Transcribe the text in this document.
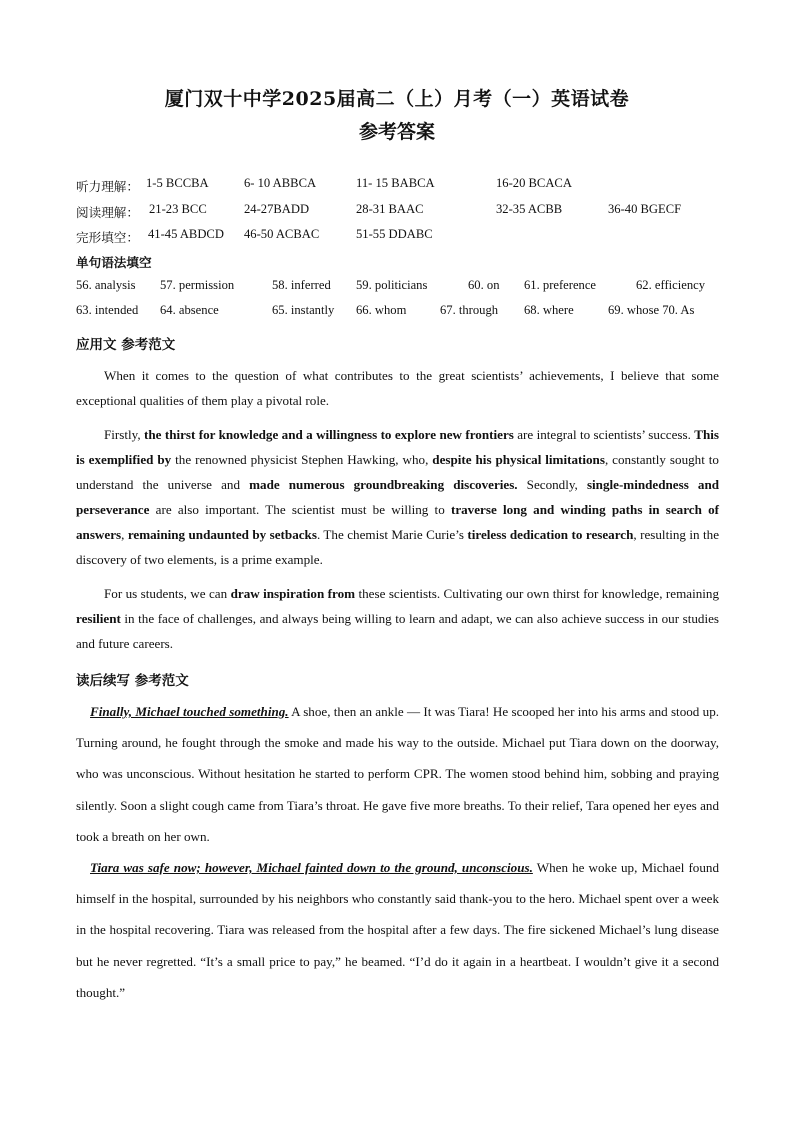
厦门双十中学2025届高二（上）月考（一）英语试卷
参考答案
听力理解： 1-5 BCCBA	6- 10 ABBCA	11- 15 BABCA	16-20 BCACA
阅读理解： 21-23 BCC	24-27BADD	28-31 BAAC	32-35 ACBB	36-40 BGECF
完形填空： 41-45 ABDCD 46-50 ACBAC	51-55 DDABC
单句语法填空
56. analysis 57. permission	58. inferred 59. politicians	60. on 61. preference	62. efficiency
63. intended 64. absence	65. instantly 66. whom	67. through 68. where	69. whose 70. As
应用文 参考范文

When it comes to the question of what contributes to the great scientists’ achievements, I believe that some exceptional qualities of them play a pivotal role.

Firstly, the thirst for knowledge and a willingness to explore new frontiers are integral to scientists’ success. This is exemplified by the renowned physicist Stephen Hawking, who, despite his physical limitations, constantly sought to understand the universe and made numerous groundbreaking discoveries. Secondly, single-mindedness and perseverance are also important. The scientist must be willing to traverse long and winding paths in search of answers, remaining undaunted by setbacks. The chemist Marie Curie’s tireless dedication to research, resulting in the discovery of two elements, is a prime example.

For us students, we can draw inspiration from these scientists. Cultivating our own thirst for knowledge, remaining resilient in the face of challenges, and always being willing to learn and adapt, we can also achieve success in our studies and future careers.

读后续写 参考范文

Finally, Michael touched something. A shoe, then an ankle — It was Tiara! He scooped her into his arms and stood up. Turning around, he fought through the smoke and made his way to the outside. Michael put Tiara down on the doorway, who was unconscious. Without hesitation he started to perform CPR. The women stood behind him, sobbing and praying silently. Soon a slight cough came from Tiara’s throat. He gave five more breaths. To their relief, Tara opened her eyes and took a breath on her own.

Tiara was safe now; however, Michael fainted down to the ground, unconscious. When he woke up, Michael found himself in the hospital, surrounded by his neighbors who constantly said thank-you to the hero. Michael spent over a week in the hospital recovering. Tiara was released from the hospital after a few days. The fire sickened Michael’s lung disease but he never regretted. “It’s a small price to pay,” he beamed. “I’d do it again in a heartbeat. I wouldn’t give it a second thought.”
